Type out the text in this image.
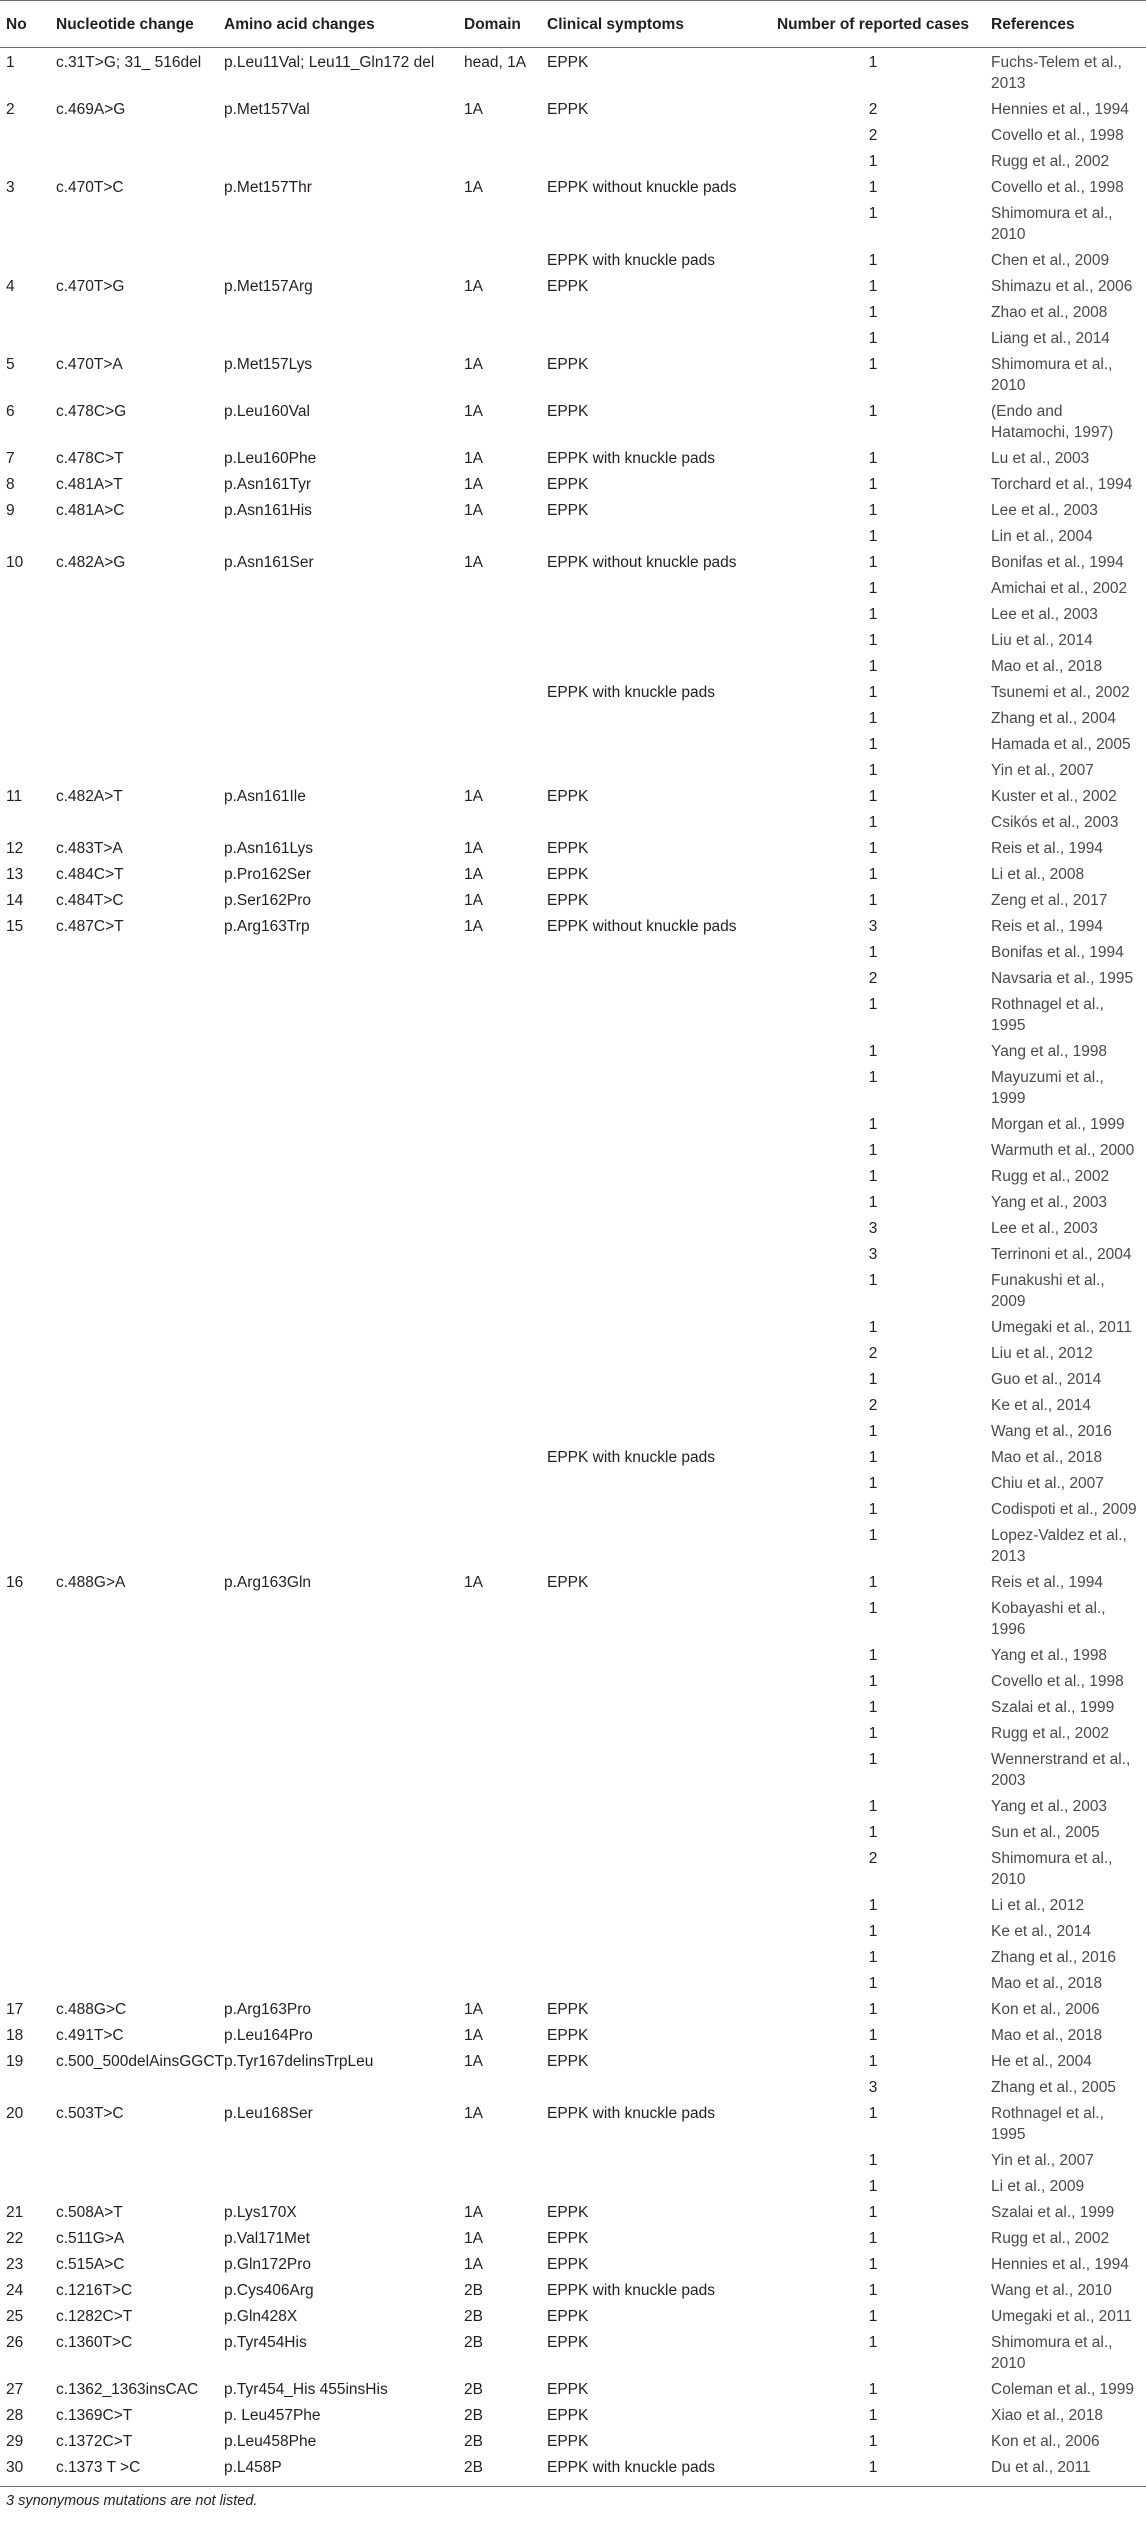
No	Nucleotide change	Amino acid changes	Domain	Clinical symptoms	Number of reported cases	References
1	c.31T>G; 31_ 516del	p.Leu11Val; Leu11_Gln172 del	head, 1A	EPPK	1	Fuchs-Telem et al., 2013
2	c.469A>G	p.Met157Val	1A	EPPK	2	Hennies et al., 1994
					2	Covello et al., 1998
					1	Rugg et al., 2002
3	c.470T>C	p.Met157Thr	1A	EPPK without knuckle pads	1	Covello et al., 1998
					1	Shimomura et al., 2010
				EPPK with knuckle pads	1	Chen et al., 2009
4	c.470T>G	p.Met157Arg	1A	EPPK	1	Shimazu et al., 2006
					1	Zhao et al., 2008
					1	Liang et al., 2014
5	c.470T>A	p.Met157Lys	1A	EPPK	1	Shimomura et al., 2010
6	c.478C>G	p.Leu160Val	1A	EPPK	1	(Endo and Hatamochi, 1997)
7	c.478C>T	p.Leu160Phe	1A	EPPK with knuckle pads	1	Lu et al., 2003
8	c.481A>T	p.Asn161Tyr	1A	EPPK	1	Torchard et al., 1994
9	c.481A>C	p.Asn161His	1A	EPPK	1	Lee et al., 2003
					1	Lin et al., 2004
10	c.482A>G	p.Asn161Ser	1A	EPPK without knuckle pads	1	Bonifas et al., 1994
					1	Amichai et al., 2002
					1	Lee et al., 2003
					1	Liu et al., 2014
					1	Mao et al., 2018
				EPPK with knuckle pads	1	Tsunemi et al., 2002
					1	Zhang et al., 2004
					1	Hamada et al., 2005
					1	Yin et al., 2007
11	c.482A>T	p.Asn161Ile	1A	EPPK	1	Kuster et al., 2002
					1	Csikós et al., 2003
12	c.483T>A	p.Asn161Lys	1A	EPPK	1	Reis et al., 1994
13	c.484C>T	p.Pro162Ser	1A	EPPK	1	Li et al., 2008
14	c.484T>C	p.Ser162Pro	1A	EPPK	1	Zeng et al., 2017
15	c.487C>T	p.Arg163Trp	1A	EPPK without knuckle pads	3	Reis et al., 1994
					1	Bonifas et al., 1994
					2	Navsaria et al., 1995
					1	Rothnagel et al., 1995
					1	Yang et al., 1998
					1	Mayuzumi et al., 1999
					1	Morgan et al., 1999
					1	Warmuth et al., 2000
					1	Rugg et al., 2002
					1	Yang et al., 2003
					3	Lee et al., 2003
					3	Terrinoni et al., 2004
					1	Funakushi et al., 2009
					1	Umegaki et al., 2011
					2	Liu et al., 2012
					1	Guo et al., 2014
					2	Ke et al., 2014
					1	Wang et al., 2016
				EPPK with knuckle pads	1	Mao et al., 2018
					1	Chiu et al., 2007
					1	Codispoti et al., 2009
					1	Lopez-Valdez et al., 2013
16	c.488G>A	p.Arg163Gln	1A	EPPK	1	Reis et al., 1994
					1	Kobayashi et al., 1996
					1	Yang et al., 1998
					1	Covello et al., 1998
					1	Szalai et al., 1999
					1	Rugg et al., 2002
					1	Wennerstrand et al., 2003
					1	Yang et al., 2003
					1	Sun et al., 2005
					2	Shimomura et al., 2010
					1	Li et al., 2012
					1	Ke et al., 2014
					1	Zhang et al., 2016
					1	Mao et al., 2018
17	c.488G>C	p.Arg163Pro	1A	EPPK	1	Kon et al., 2006
18	c.491T>C	p.Leu164Pro	1A	EPPK	1	Mao et al., 2018
19	c.500_500delAinsGGCT	p.Tyr167delinsTrpLeu	1A	EPPK	1	He et al., 2004
					3	Zhang et al., 2005
20	c.503T>C	p.Leu168Ser	1A	EPPK with knuckle pads	1	Rothnagel et al., 1995
					1	Yin et al., 2007
					1	Li et al., 2009
21	c.508A>T	p.Lys170X	1A	EPPK	1	Szalai et al., 1999
22	c.511G>A	p.Val171Met	1A	EPPK	1	Rugg et al., 2002
23	c.515A>C	p.Gln172Pro	1A	EPPK	1	Hennies et al., 1994
24	c.1216T>C	p.Cys406Arg	2B	EPPK with knuckle pads	1	Wang et al., 2010
25	c.1282C>T	p.Gln428X	2B	EPPK	1	Umegaki et al., 2011
26	c.1360T>C	p.Tyr454His	2B	EPPK	1	Shimomura et al., 2010
27	c.1362_1363insCAC	p.Tyr454_His 455insHis	2B	EPPK	1	Coleman et al., 1999
28	c.1369C>T	p. Leu457Phe	2B	EPPK	1	Xiao et al., 2018
29	c.1372C>T	p.Leu458Phe	2B	EPPK	1	Kon et al., 2006
30	c.1373 T >C	p.L458P	2B	EPPK with knuckle pads	1	Du et al., 2011
3 synonymous mutations are not listed.
